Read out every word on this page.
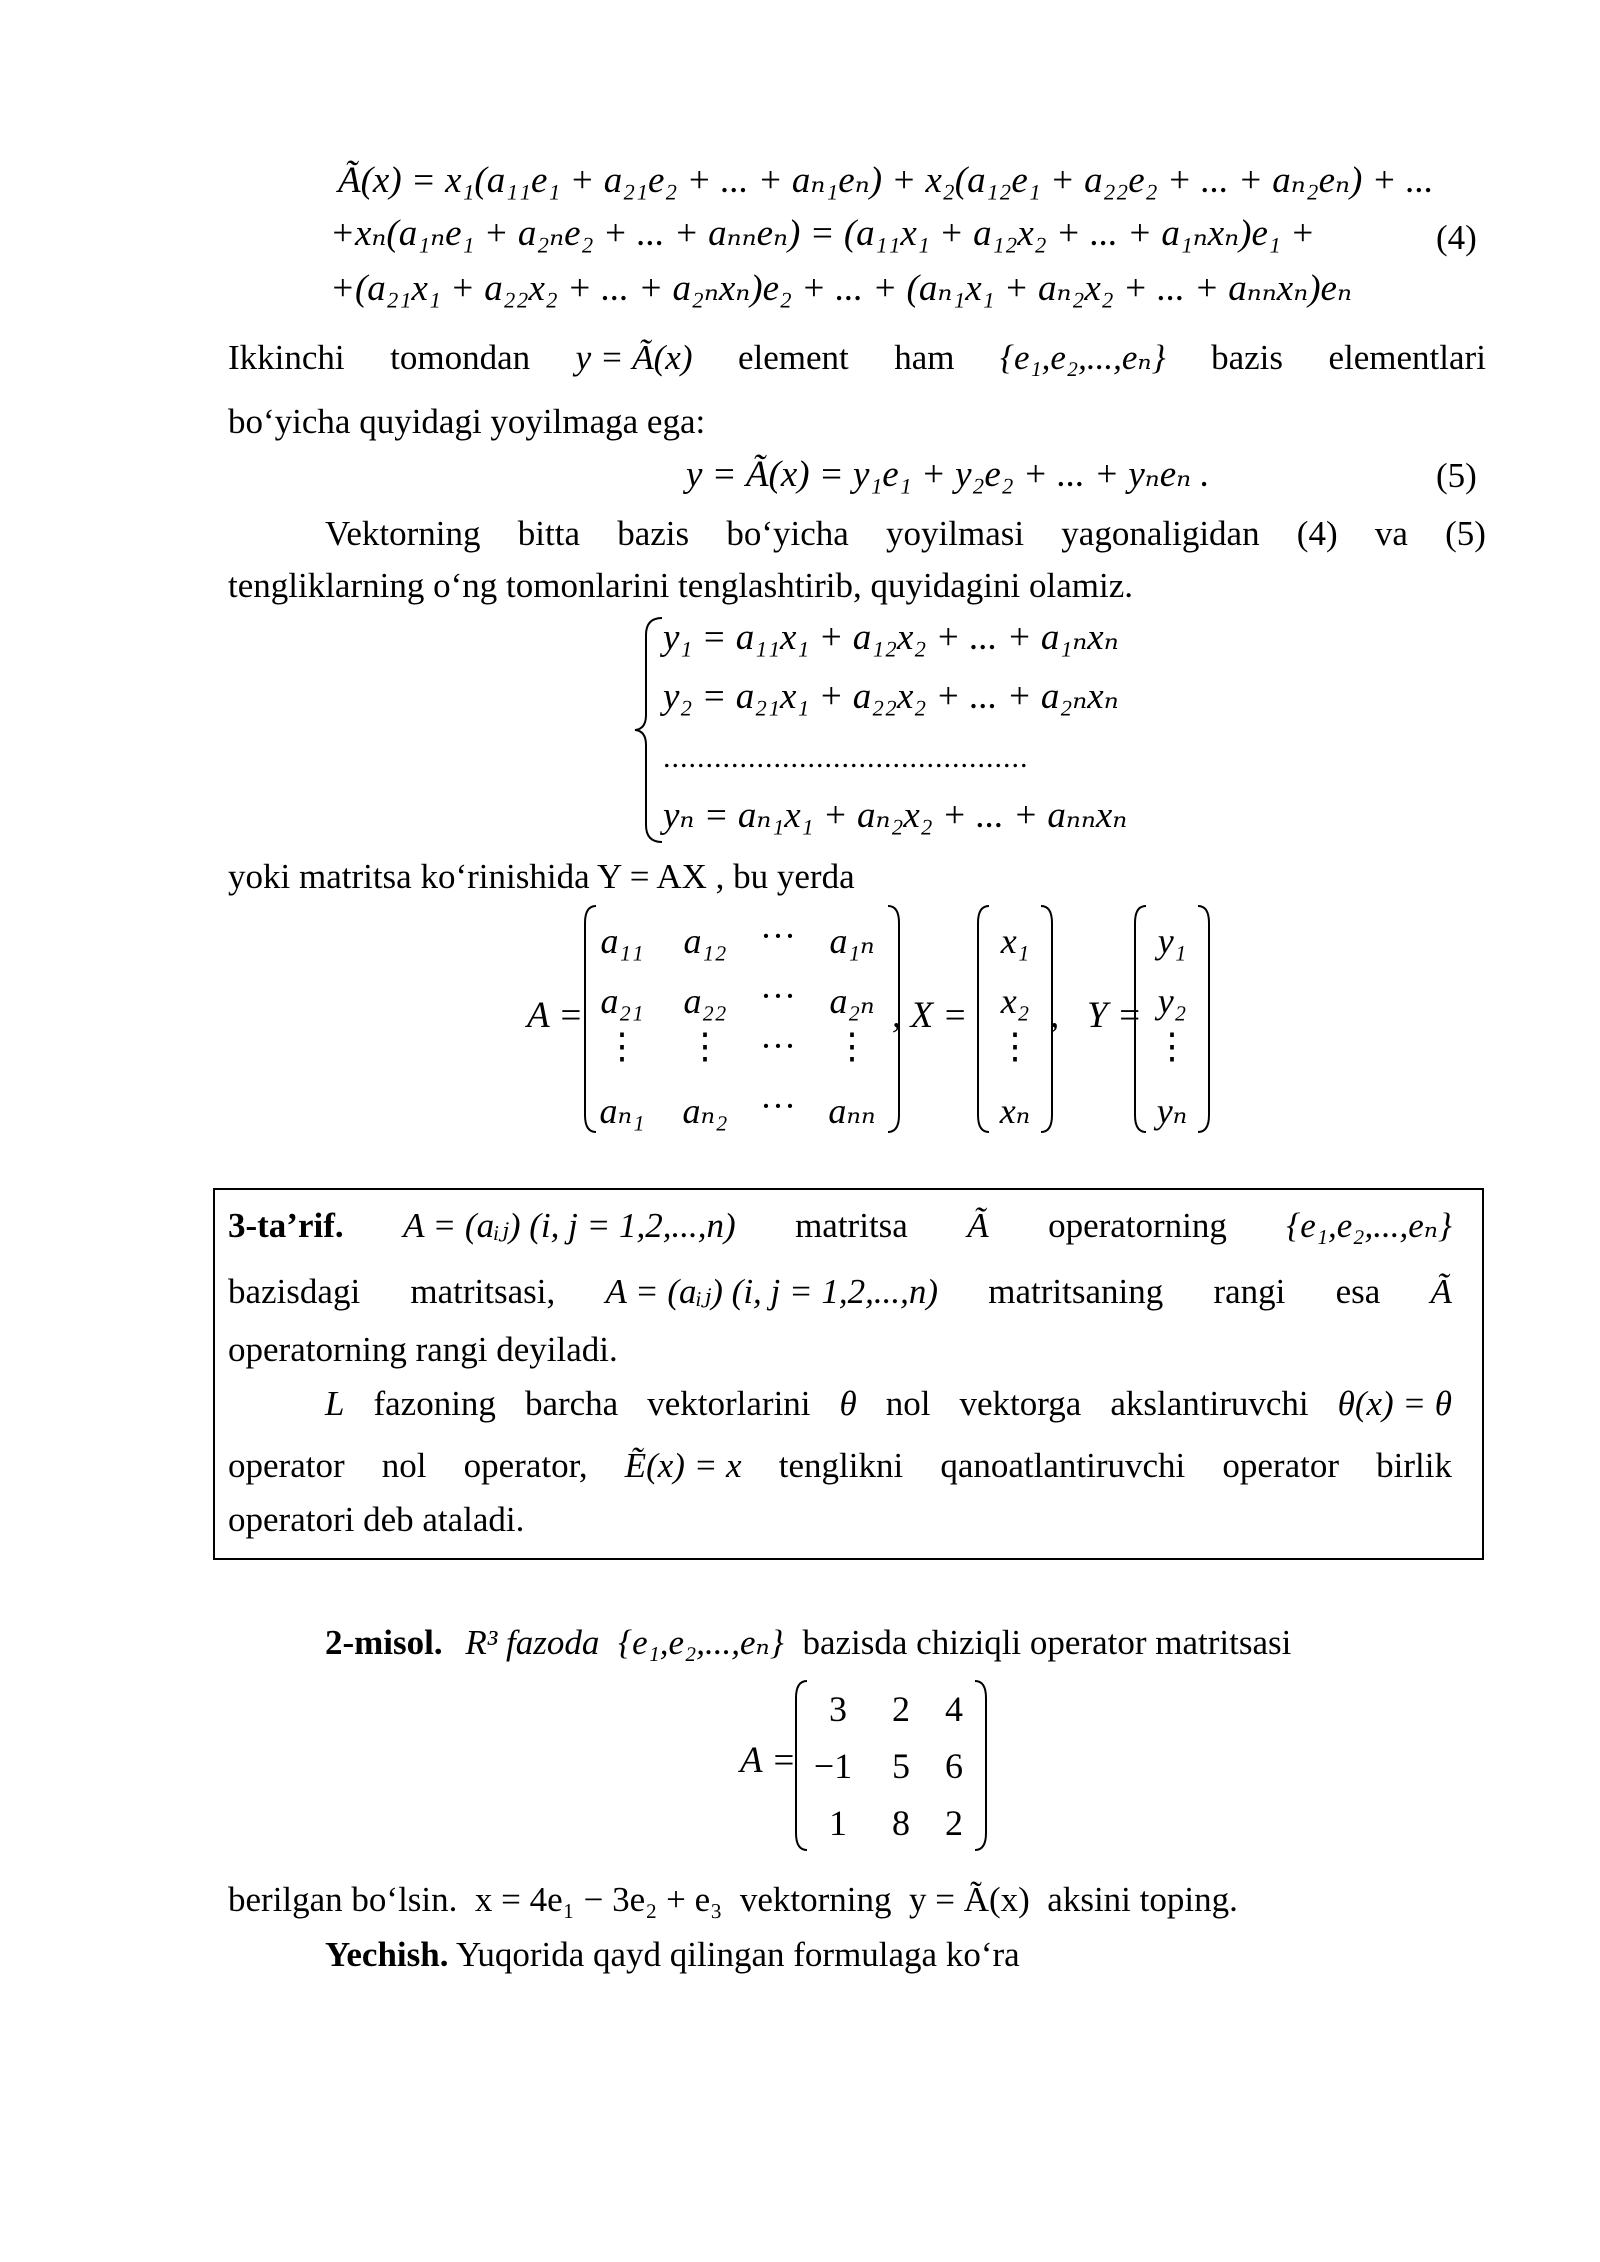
Ã(x) = x₁(a₁₁e₁ + a₂₁e₂ + ... + aₙ₁eₙ) + x₂(a₁₂e₁ + a₂₂e₂ + ... + aₙ₂eₙ) + ...
+xₙ(a₁ₙe₁ + a₂ₙe₂ + ... + aₙₙeₙ) = (a₁₁x₁ + a₁₂x₂ + ... + a₁ₙxₙ)e₁ +
+(a₂₁x₁ + a₂₂x₂ + ... + a₂ₙxₙ)e₂ + ... + (aₙ₁x₁ + aₙ₂x₂ + ... + aₙₙxₙ)eₙ
(4)
Ikkinchi tomondan y = Ã(x) element ham {e₁,e₂,...,eₙ} bazis elementlari
bo‘yicha quyidagi yoyilmaga ega:
y = Ã(x) = y₁e₁ + y₂e₂ + ... + yₙeₙ .	(5)
Vektorning bitta bazis bo‘yicha yoyilmasi yagonaligidan (4) va (5)
tengliklarning o‘ng tomonlarini tenglashtirib, quyidagini olamiz.
y₁ = a₁₁x₁ + a₁₂x₂ + ... + a₁ₙxₙ
y₂ = a₂₁x₁ + a₂₂x₂ + ... + a₂ₙxₙ
...........................................
yₙ = aₙ₁x₁ + aₙ₂x₂ + ... + aₙₙxₙ
yoki matritsa ko‘rinishida Y = AX , bu yerda
A =
a₁₁	a₁₂ ··· a₁ₙ
a₂₁	a₂₂ ··· a₂ₙ
⋮	⋮	···	⋮
aₙ₁	aₙ₂ ··· aₙₙ
, X =
x₁
x₂
⋮
xₙ
,   Y =
y₁
y₂
⋮
yₙ
3-ta’rif. A = (aᵢⱼ) (i, j = 1,2,...,n) matritsa Ã operatorning {e₁,e₂,...,eₙ}
bazisdagi matritsasi, A = (aᵢⱼ) (i, j = 1,2,...,n) matritsaning rangi esa Ã
operatorning rangi deyiladi.
L fazoning barcha vektorlarini θ nol vektorga akslantiruvchi θ(x) = θ
operator nol operator, Ẽ(x) = x tenglikni qanoatlantiruvchi operator birlik
operatori deb ataladi.
2-misol. R³ fazoda {e₁,e₂,...,eₙ} bazisda chiziqli operator matritsasi
A =
3	2 4
−1	5 6
1	8 2
berilgan bo‘lsin.  x = 4e₁ − 3e₂ + e₃  vektorning  y = Ã(x)  aksini toping.
Yechish. Yuqorida qayd qilingan formulaga ko‘ra
